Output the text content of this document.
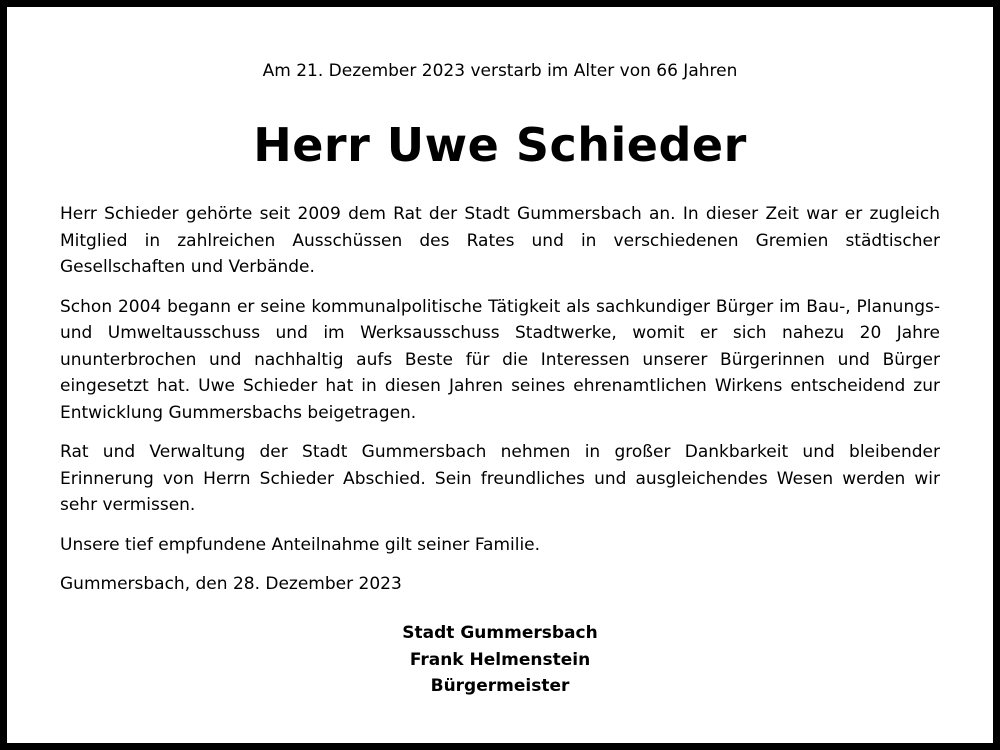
Am 21. Dezember 2023 verstarb im Alter von 66 Jahren
Herr Uwe Schieder

Herr Schieder gehörte seit 2009 dem Rat der Stadt Gummersbach an. In dieser Zeit war er zugleich Mitglied in zahlreichen Ausschüssen des Rates und in verschiedenen Gremien städtischer Gesellschaften und Verbände.

Schon 2004 begann er seine kommunalpolitische Tätigkeit als sachkundiger Bürger im Bau-, Planungs- und Umweltausschuss und im Werksausschuss Stadtwerke, womit er sich nahezu 20 Jahre ununterbrochen und nachhaltig aufs Beste für die Interessen unserer Bürgerinnen und Bürger eingesetzt hat. Uwe Schieder hat in diesen Jahren seines ehrenamtlichen Wirkens entscheidend zur Entwicklung Gummersbachs beigetragen.

Rat und Verwaltung der Stadt Gummersbach nehmen in großer Dankbarkeit und bleibender Erinnerung von Herrn Schieder Abschied. Sein freundliches und ausgleichendes Wesen werden wir sehr vermissen.

Unsere tief empfundene Anteilnahme gilt seiner Familie.

Gummersbach, den 28. Dezember 2023

Stadt Gummersbach
Frank Helmenstein
Bürgermeister
